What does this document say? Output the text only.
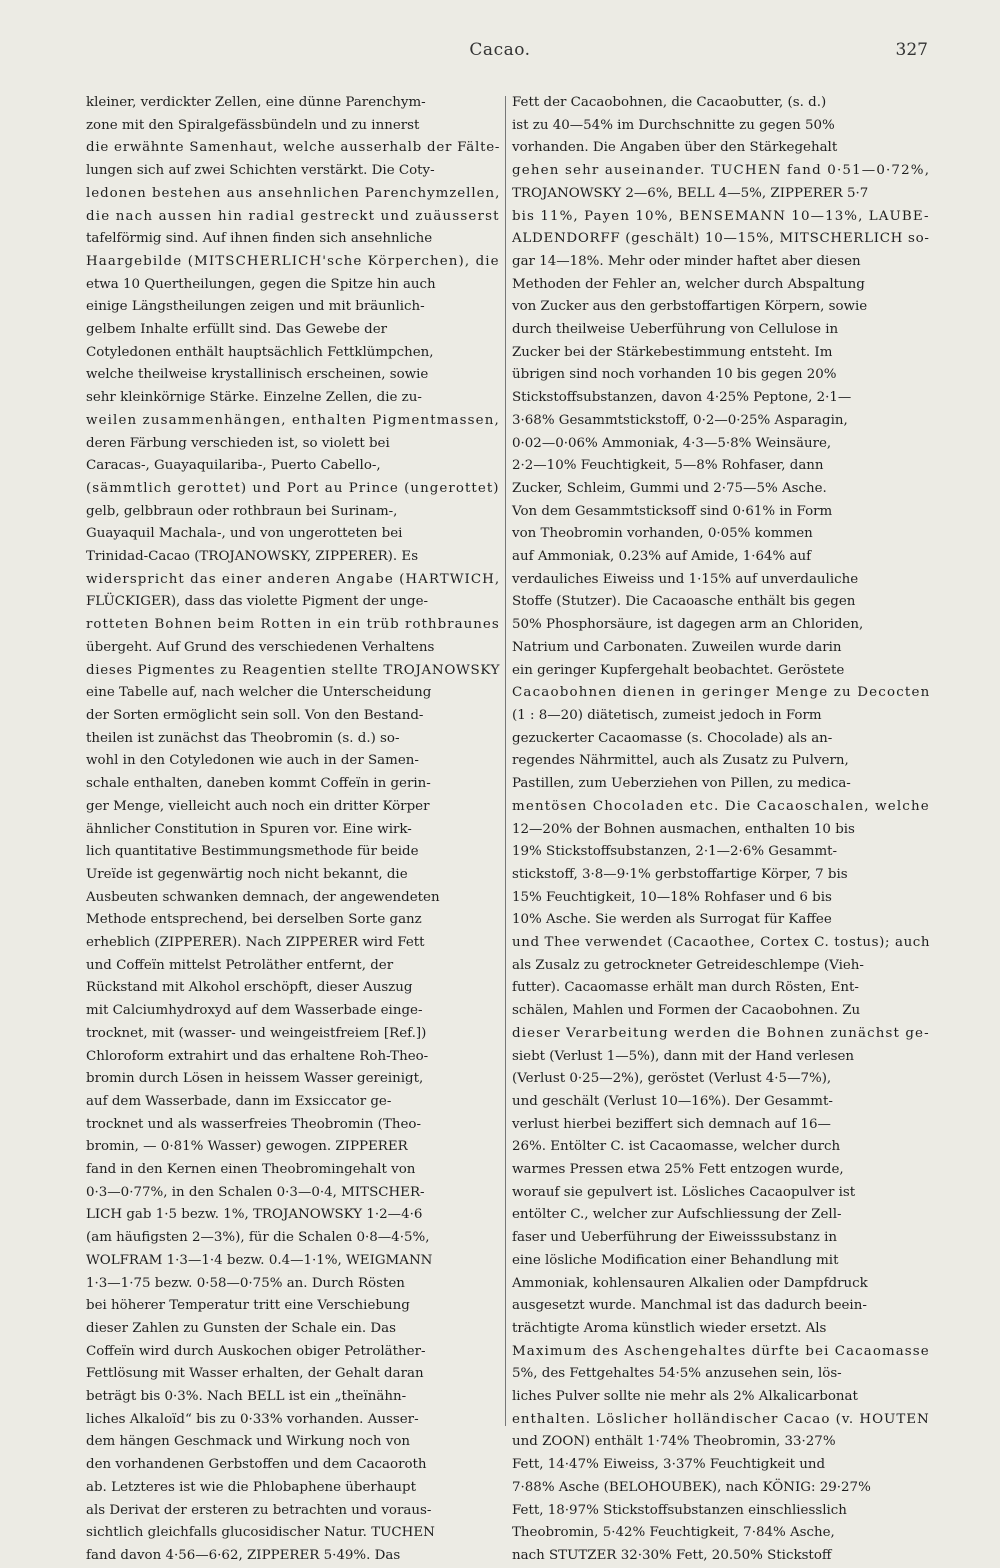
Cacao.	327
kleiner, verdickter Zellen, eine dünne Parenchym-
zone mit den Spiralgefässbündeln und zu innerst
die erwähnte Samenhaut, welche ausserhalb der Fälte-
lungen sich auf zwei Schichten verstärkt. Die Coty-
ledonen bestehen aus ansehnlichen Parenchymzellen,
die nach aussen hin radial gestreckt und zuäusserst
tafelförmig sind. Auf ihnen finden sich ansehnliche
Haargebilde (MITSCHERLICH'sche Körperchen), die
etwa 10 Quertheilungen, gegen die Spitze hin auch
einige Längstheilungen zeigen und mit bräunlich-
gelbem Inhalte erfüllt sind. Das Gewebe der
Cotyledonen enthält hauptsächlich Fettklümpchen,
welche theilweise krystallinisch erscheinen, sowie
sehr kleinkörnige Stärke. Einzelne Zellen, die zu-
weilen zusammenhängen, enthalten Pigmentmassen,
deren Färbung verschieden ist, so violett bei
Caracas-, Guayaquilariba-, Puerto Cabello-,
(sämmtlich gerottet) und Port au Prince (ungerottet)
gelb, gelbbraun oder rothbraun bei Surinam-,
Guayaquil Machala-, und von ungerotteten bei
Trinidad-Cacao (TROJANOWSKY, ZIPPERER). Es
widerspricht das einer anderen Angabe (HARTWICH,
FLÜCKIGER), dass das violette Pigment der unge-
rotteten Bohnen beim Rotten in ein trüb rothbraunes
übergeht. Auf Grund des verschiedenen Verhaltens
dieses Pigmentes zu Reagentien stellte TROJANOWSKY
eine Tabelle auf, nach welcher die Unterscheidung
der Sorten ermöglicht sein soll. Von den Bestand-
theilen ist zunächst das Theobromin (s. d.) so-
wohl in den Cotyledonen wie auch in der Samen-
schale enthalten, daneben kommt Coffeïn in gerin-
ger Menge, vielleicht auch noch ein dritter Körper
ähnlicher Constitution in Spuren vor. Eine wirk-
lich quantitative Bestimmungsmethode für beide
Ureïde ist gegenwärtig noch nicht bekannt, die
Ausbeuten schwanken demnach, der angewendeten
Methode entsprechend, bei derselben Sorte ganz
erheblich (ZIPPERER). Nach ZIPPERER wird Fett
und Coffeïn mittelst Petroläther entfernt, der
Rückstand mit Alkohol erschöpft, dieser Auszug
mit Calciumhydroxyd auf dem Wasserbade einge-
trocknet, mit (wasser- und weingeistfreiem [Ref.])
Chloroform extrahirt und das erhaltene Roh-Theo-
bromin durch Lösen in heissem Wasser gereinigt,
auf dem Wasserbade, dann im Exsiccator ge-
trocknet und als wasserfreies Theobromin (Theo-
bromin, — 0·81% Wasser) gewogen. ZIPPERER
fand in den Kernen einen Theobromingehalt von
0·3—0·77%, in den Schalen 0·3—0·4, MITSCHER-
LICH gab 1·5 bezw. 1%, TROJANOWSKY 1·2—4·6
(am häufigsten 2—3%), für die Schalen 0·8—4·5%,
WOLFRAM 1·3—1·4 bezw. 0.4—1·1%, WEIGMANN
1·3—1·75 bezw. 0·58—0·75% an. Durch Rösten
bei höherer Temperatur tritt eine Verschiebung
dieser Zahlen zu Gunsten der Schale ein. Das
Coffeïn wird durch Auskochen obiger Petroläther-
Fettlösung mit Wasser erhalten, der Gehalt daran
beträgt bis 0·3%. Nach BELL ist ein „theïnähn-
liches Alkaloïd“ bis zu 0·33% vorhanden. Ausser-
dem hängen Geschmack und Wirkung noch von
den vorhandenen Gerbstoffen und dem Cacaoroth
ab. Letzteres ist wie die Phlobaphene überhaupt
als Derivat der ersteren zu betrachten und voraus-
sichtlich gleichfalls glucosidischer Natur. TUCHEN
fand davon 4·56—6·62, ZIPPERER 5·49%. Das
Fett der Cacaobohnen, die Cacaobutter, (s. d.)
ist zu 40—54% im Durchschnitte zu gegen 50%
vorhanden. Die Angaben über den Stärkegehalt
gehen sehr auseinander. TUCHEN fand 0·51—0·72%,
TROJANOWSKY 2—6%, BELL 4—5%, ZIPPERER 5·7
bis 11%, Payen 10%, BENSEMANN 10—13%, LAUBE-
ALDENDORFF (geschält) 10—15%, MITSCHERLICH so-
gar 14—18%. Mehr oder minder haftet aber diesen
Methoden der Fehler an, welcher durch Abspaltung
von Zucker aus den gerbstoffartigen Körpern, sowie
durch theilweise Ueberführung von Cellulose in
Zucker bei der Stärkebestimmung entsteht. Im
übrigen sind noch vorhanden 10 bis gegen 20%
Stickstoffsubstanzen, davon 4·25% Peptone, 2·1—
3·68% Gesammtstickstoff, 0·2—0·25% Asparagin,
0·02—0·06% Ammoniak, 4·3—5·8% Weinsäure,
2·2—10% Feuchtigkeit, 5—8% Rohfaser, dann
Zucker, Schleim, Gummi und 2·75—5% Asche.
Von dem Gesammtsticksoff sind 0·61% in Form
von Theobromin vorhanden, 0·05% kommen
auf Ammoniak, 0.23% auf Amide, 1·64% auf
verdauliches Eiweiss und 1·15% auf unverdauliche
Stoffe (Stutzer). Die Cacaoasche enthält bis gegen
50% Phosphorsäure, ist dagegen arm an Chloriden,
Natrium und Carbonaten. Zuweilen wurde darin
ein geringer Kupfergehalt beobachtet. Geröstete
Cacaobohnen dienen in geringer Menge zu Decocten
(1 : 8—20) diätetisch, zumeist jedoch in Form
gezuckerter Cacaomasse (s. Chocolade) als an-
regendes Nährmittel, auch als Zusatz zu Pulvern,
Pastillen, zum Ueberziehen von Pillen, zu medica-
mentösen Chocoladen etc. Die Cacaoschalen, welche
12—20% der Bohnen ausmachen, enthalten 10 bis
19% Stickstoffsubstanzen, 2·1—2·6% Gesammt-
stickstoff, 3·8—9·1% gerbstoffartige Körper, 7 bis
15% Feuchtigkeit, 10—18% Rohfaser und 6 bis
10% Asche. Sie werden als Surrogat für Kaffee
und Thee verwendet (Cacaothee, Cortex C. tostus); auch
als Zusalz zu getrockneter Getreideschlempe (Vieh-
futter). Cacaomasse erhält man durch Rösten, Ent-
schälen, Mahlen und Formen der Cacaobohnen. Zu
dieser Verarbeitung werden die Bohnen zunächst ge-
siebt (Verlust 1—5%), dann mit der Hand verlesen
(Verlust 0·25—2%), geröstet (Verlust 4·5—7%),
und geschält (Verlust 10—16%). Der Gesammt-
verlust hierbei beziffert sich demnach auf 16—
26%. Entölter C. ist Cacaomasse, welcher durch
warmes Pressen etwa 25% Fett entzogen wurde,
worauf sie gepulvert ist. Lösliches Cacaopulver ist
entölter C., welcher zur Aufschliessung der Zell-
faser und Ueberführung der Eiweisssubstanz in
eine lösliche Modification einer Behandlung mit
Ammoniak, kohlensauren Alkalien oder Dampfdruck
ausgesetzt wurde. Manchmal ist das dadurch beein-
trächtigte Aroma künstlich wieder ersetzt. Als
Maximum des Aschengehaltes dürfte bei Cacaomasse
5%, des Fettgehaltes 54·5% anzusehen sein, lös-
liches Pulver sollte nie mehr als 2% Alkalicarbonat
enthalten. Löslicher holländischer Cacao (v. HOUTEN
und ZOON) enthält 1·74% Theobromin, 33·27%
Fett, 14·47% Eiweiss, 3·37% Feuchtigkeit und
7·88% Asche (BELOHOUBEK), nach KÖNIG: 29·27%
Fett, 18·97% Stickstoffsubstanzen einschliesslich
Theobromin, 5·42% Feuchtigkeit, 7·84% Asche,
nach STUTZER 32·30% Fett, 20.50% Stickstoff
